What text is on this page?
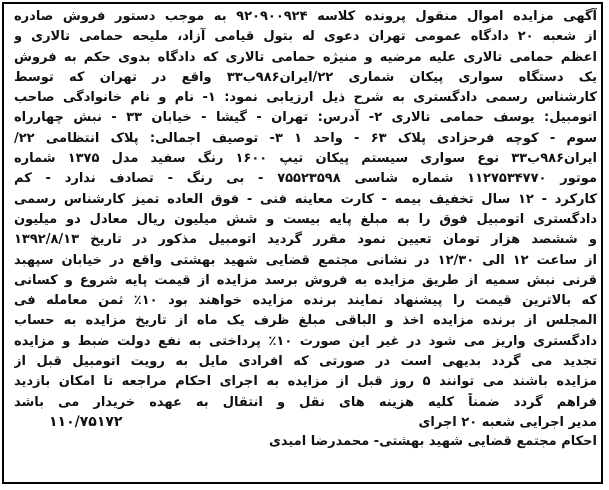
آگهی مزایده اموال منقول پرونده کلاسه ۹۲۰۹۰۰۹۲۴ به موجب دستور فروش صادره
از شعبه ۲۰ دادگاه عمومی تهران دعوی له بتول قیامی آزاد، ملیحه حمامی تالاری و
اعظم حمامی تالاری علیه مرضیه و منیژه حمامی تالاری که دادگاه بدوی حکم به فروش
یک دستگاه سواری پیکان شماری ۲۲/ایران۹۸۶ب۳۳ واقع در تهران که توسط
کارشناس رسمی دادگستری به شرح ذیل ارزیابی نمود: ۱- نام و نام خانوادگی صاحب
اتومبیل: یوسف حمامی تالاری ۲- آدرس: تهران - گیشا - خیابان ۳۳ - نبش چهارراه
سوم - کوچه فرحزادی پلاک ۶۳ - واحد ۱ ۳- توصیف اجمالی: پلاک انتظامی ۲۲/
ایران۹۸۶ب۳۳ نوع سواری سیستم پیکان تیپ ۱۶۰۰ رنگ سفید مدل ۱۳۷۵ شماره
موتور ۱۱۲۷۵۳۴۷۷۰ شماره شاسی ۷۵۵۲۳۵۹۸ - بی رنگ - تصادف ندارد - کم
کارکرد - ۱۲ سال تخفیف بیمه - کارت معاینه فنی - فوق العاده تمیز کارشناس رسمی
دادگستری اتومبیل فوق را به مبلغ پایه بیست و شش میلیون ریال معادل دو میلیون
و ششصد هزار تومان تعیین نمود مقرر گردید اتومبیل مذکور در تاریخ ۱۳۹۲/۸/۱۳
از ساعت ۱۲ الی ۱۲/۳۰ در نشانی مجتمع قضایی شهید بهشتی واقع در خیابان سپهبد
قرنی نبش سمیه از طریق مزایده به فروش برسد مزایده از قیمت پایه شروع و کسانی
که بالاترین قیمت را پیشنهاد نمایند برنده مزایده خواهند بود ۱۰٪ ثمن معامله فی
المجلس از برنده مزایده اخذ و الباقی مبلغ ظرف یک ماه از تاریخ مزایده به حساب
دادگستری واریز می شود در غیر این صورت ۱۰٪ پرداختی به نفع دولت ضبط و مزایده
تجدید می گردد بدیهی است در صورتی که افرادی مایل به رویت اتومبیل قبل از
مزایده باشند می توانند ۵ روز قبل از مزایده به اجرای احکام مراجعه تا امکان بازدید
فراهم گردد ضمناً کلیه هزینه های نقل و انتقال به عهده خریدار می باشد
مدیر اجرایی شعبه ۲۰ اجرای
۱۱۰/۷۵۱۷۲
احکام مجتمع قضایی شهید بهشتی- محمدرضا امیدی
